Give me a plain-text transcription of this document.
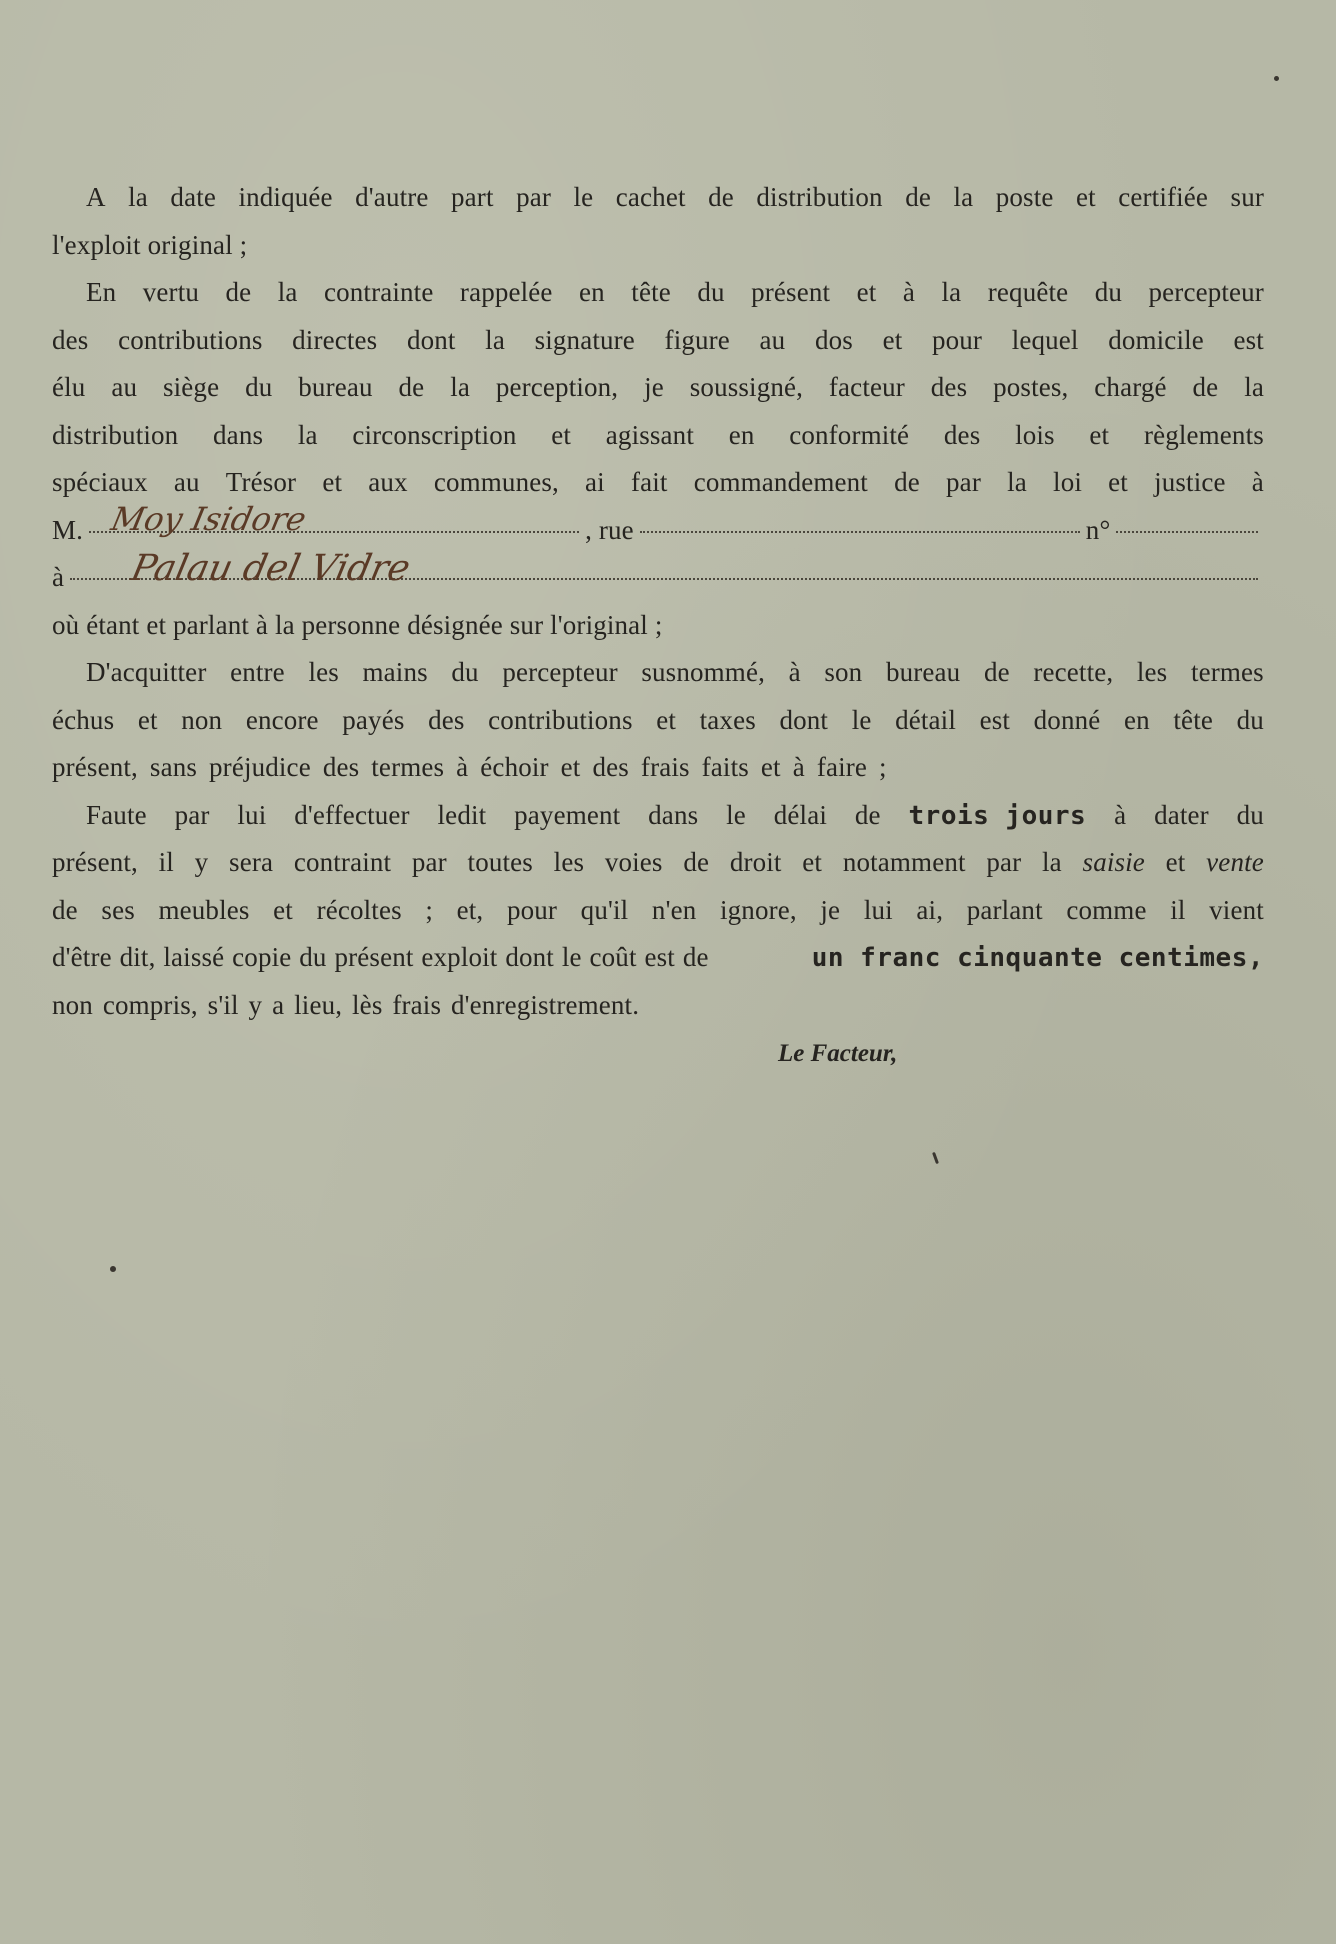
A la date indiquée d'autre part par le cachet de distribution de la poste et certifiée sur
l'exploit original ;
En vertu de la contrainte rappelée en tête du présent et à la requête du percepteur
des contributions directes dont la signature figure au dos et pour lequel domicile est
élu au siège du bureau de la perception, je soussigné, facteur des postes, chargé de la
distribution dans la circonscription et agissant en conformité des lois et règlements
spéciaux au Trésor et aux communes, ai fait commandement de par la loi et justice à
M.	, rue	n°
à
où étant et parlant à la personne désignée sur l'original ;
D'acquitter entre les mains du percepteur susnommé, à son bureau de recette, les termes
échus et non encore payés des contributions et taxes dont le détail est donné en tête du
présent, sans préjudice des termes à échoir et des frais faits et à faire ;
Faute par lui d'effectuer ledit payement dans le délai de trois jours à dater du
présent, il y sera contraint par toutes les voies de droit et notamment par la saisie et vente
de ses meubles et récoltes ; et, pour qu'il n'en ignore, je lui ai, parlant comme il vient
d'être dit, laissé copie du présent exploit dont le coût est de	un franc cinquante centimes,
non compris, s'il y a lieu, lès frais d'enregistrement.
Moy Isidore
Palau del Vidre
Le Facteur,
